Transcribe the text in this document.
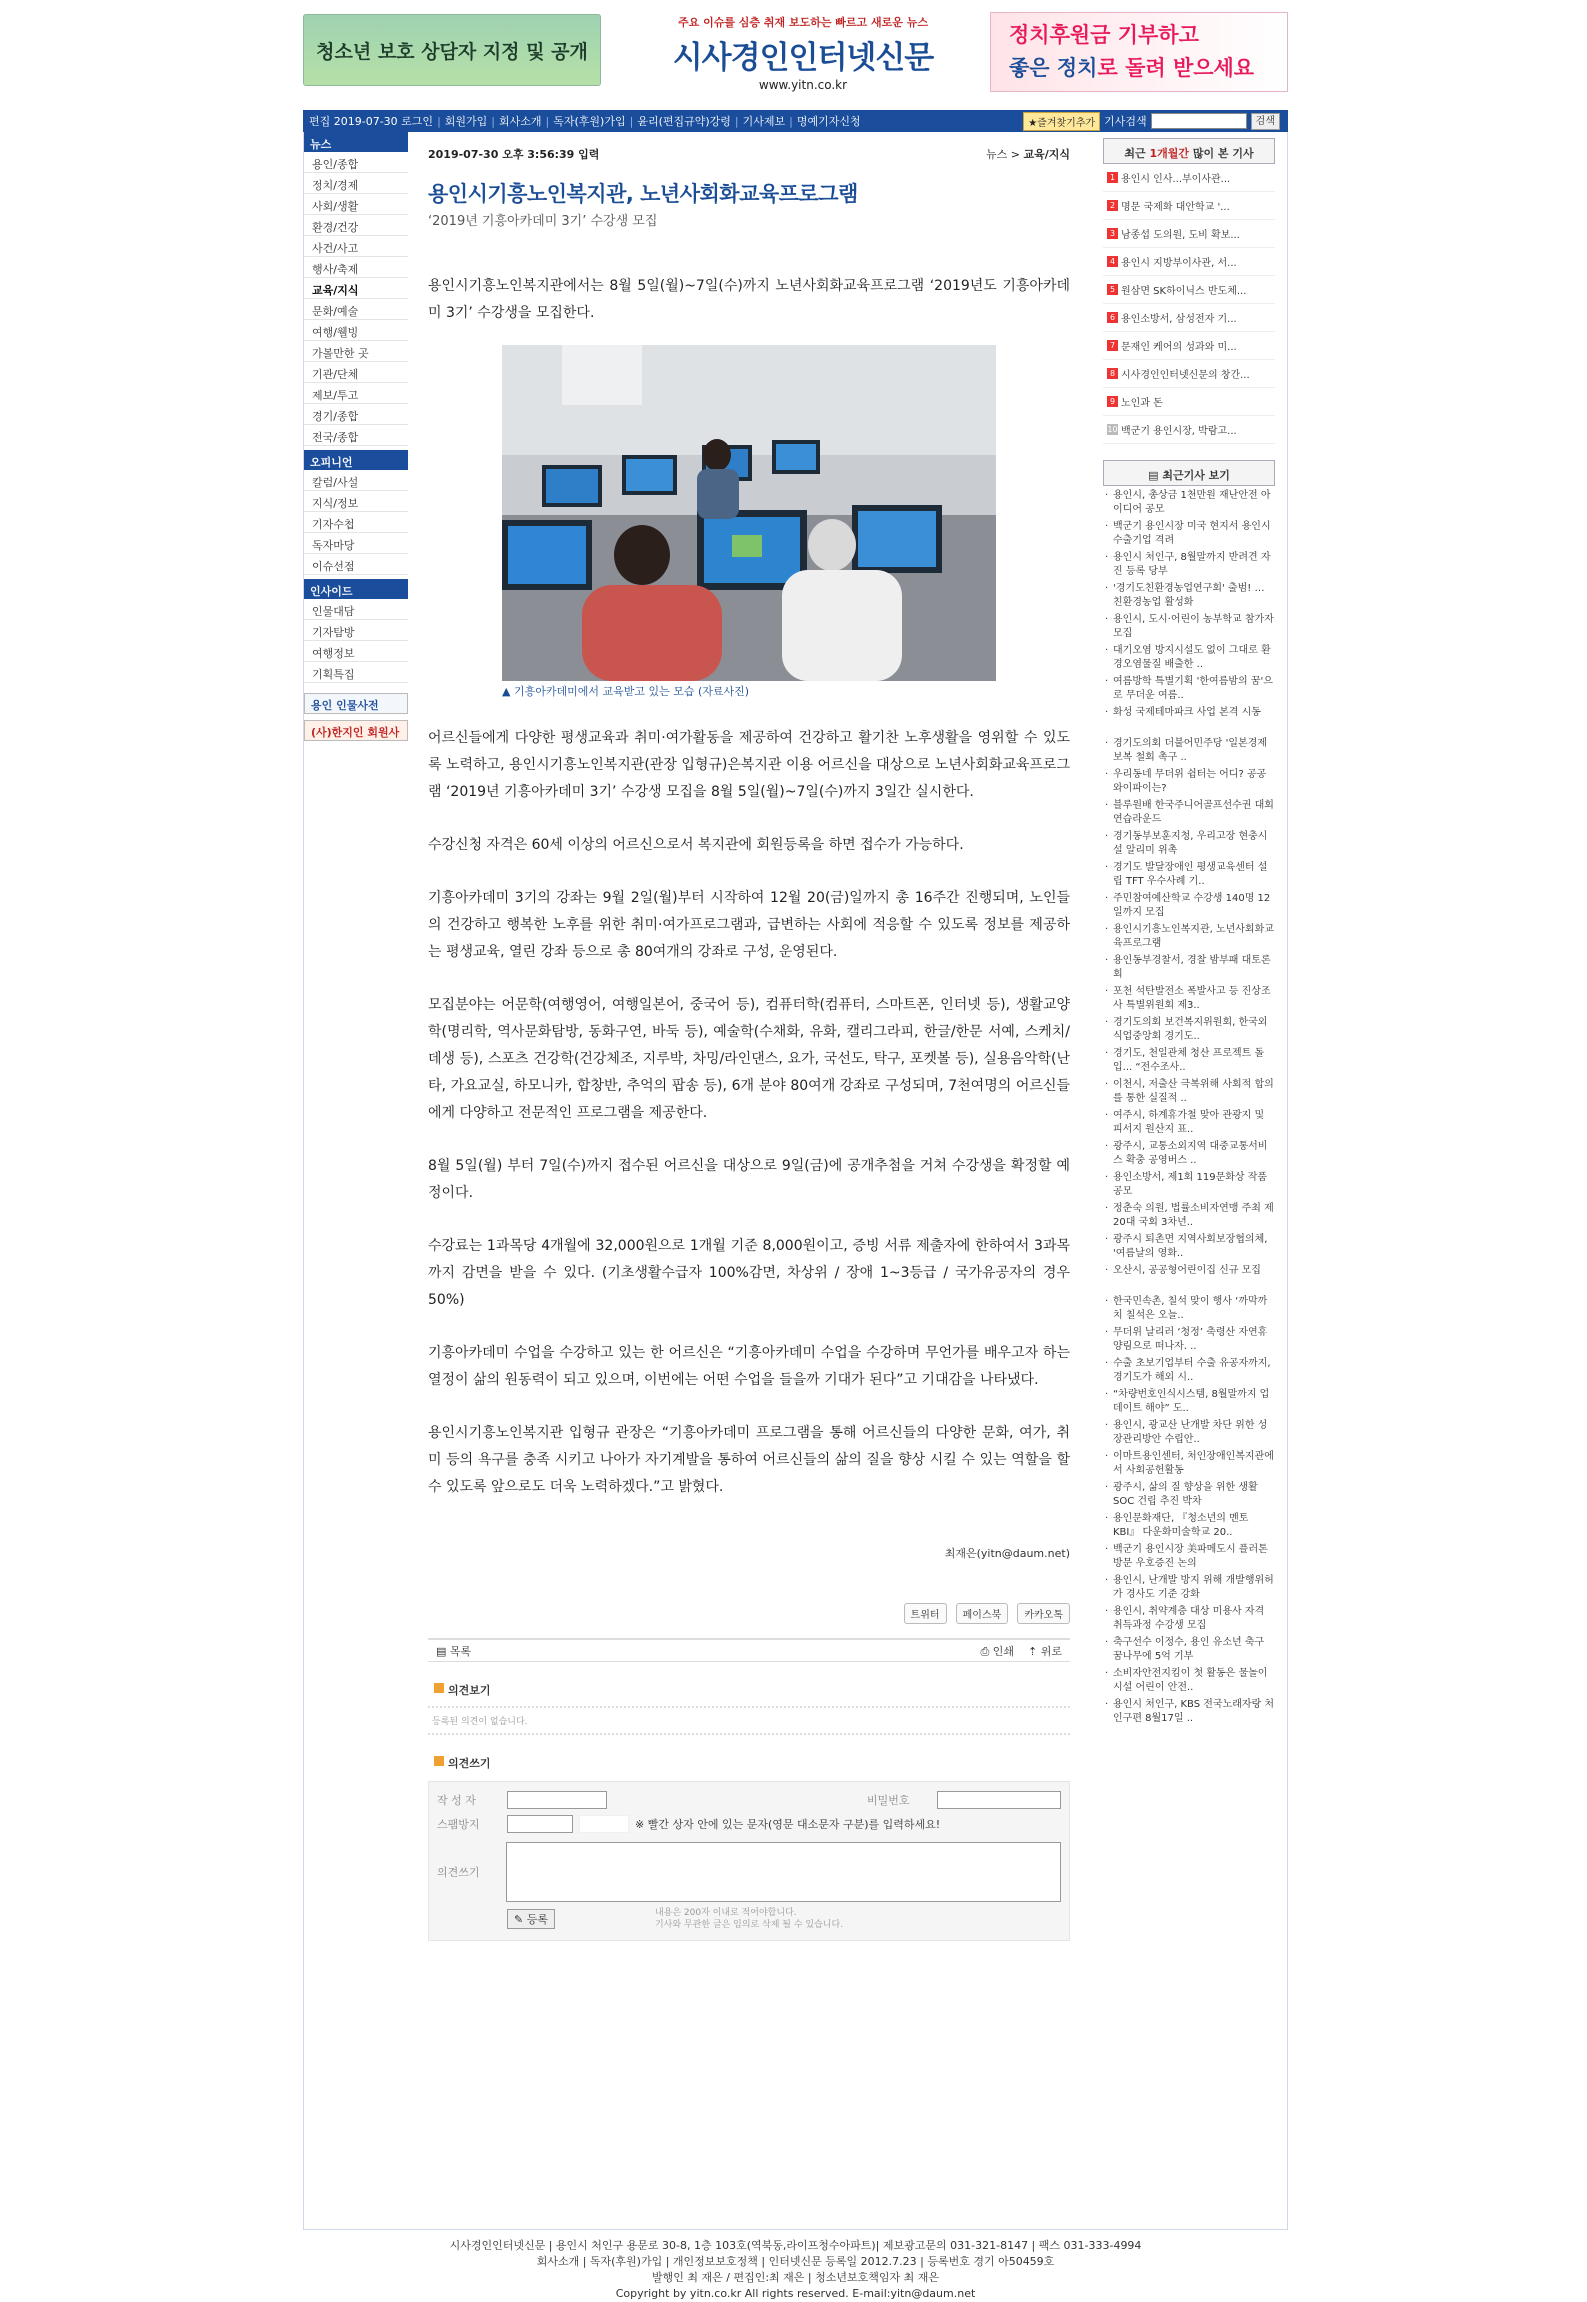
청소년 보호 상담자 지정 및 공개
주요 이슈를 심층 취재 보도하는 빠르고 새로운 뉴스
시사경인인터넷신문
www.yitn.co.kr
정치후원금 기부하고
좋은 정치로 돌려 받으세요
편집 2019-07-30 로그인 | 회원가입 | 회사소개 | 독자(후원)가입 | 윤리(편집규약)강령 | 기사제보 | 명예기자신청	★즐겨찾기추가 기사검색	검색
뉴스
용인/종합
정치/경제
사회/생활
환경/건강
사건/사고
행사/축제
교육/지식
문화/예술
여행/웰빙
가볼만한 곳
기관/단체
제보/투고
경기/종합
전국/종합
오피니언
칼럼/사설
지식/정보
기자수첩
독자마당
이슈선점
인사이드
인물대담
기자탐방
여행정보
기획특집
용인 인물사전
(사)한지인 회원사
2019-07-30 오후 3:56:39 입력	뉴스 > 교육/지식
용인시기흥노인복지관, 노년사회화교육프로그램
‘2019년 기흥아카데미 3기’ 수강생 모집
용인시기흥노인복지관에서는 8월 5일(월)~7일(수)까지 노년사회화교육프로그램 ‘2019년도 기흥아카데미 3기’ 수강생을 모집한다.
▲ 기흥아카데미에서 교육받고 있는 모습 (자료사진)
어르신들에게 다양한 평생교육과 취미·여가활동을 제공하여 건강하고 활기찬 노후생활을 영위할 수 있도록 노력하고, 용인시기흥노인복지관(관장 입형규)은복지관 이용 어르신을 대상으로 노년사회화교육프로그램 ‘2019년 기흥아카데미 3기’ 수강생 모집을 8월 5일(월)~7일(수)까지 3일간 실시한다.
수강신청 자격은 60세 이상의 어르신으로서 복지관에 회원등록을 하면 접수가 가능하다.
기흥아카데미 3기의 강좌는 9월 2일(월)부터 시작하여 12월 20(금)일까지 총 16주간 진행되며, 노인들의 건강하고 행복한 노후를 위한 취미·여가프로그램과, 급변하는 사회에 적응할 수 있도록 정보를 제공하는 평생교육, 열린 강좌 등으로 총 80여개의 강좌로 구성, 운영된다.
모집분야는 어문학(여행영어, 여행일본어, 중국어 등), 컴퓨터학(컴퓨터, 스마트폰, 인터넷 등), 생활교양학(명리학, 역사문화탐방, 동화구연, 바둑 등), 예술학(수채화, 유화, 캘리그라피, 한글/한문 서예, 스케치/데생 등), 스포츠 건강학(건강체조, 지루박, 차밍/라인댄스, 요가, 국선도, 탁구, 포켓볼 등), 실용음악학(난타, 가요교실, 하모니카, 합창반, 추억의 팝송 등), 6개 분야 80여개 강좌로 구성되며, 7천여명의 어르신들에게 다양하고 전문적인 프로그램을 제공한다.
8월 5일(월) 부터 7일(수)까지 접수된 어르신을 대상으로 9일(금)에 공개추첨을 거쳐 수강생을 확정할 예정이다.
수강료는 1과목당 4개월에 32,000원으로 1개월 기준 8,000원이고, 증빙 서류 제출자에 한하여서 3과목까지 감면을 받을 수 있다. (기초생활수급자 100%감면, 차상위 / 장애 1~3등급 / 국가유공자의 경우 50%)
기흥아카데미 수업을 수강하고 있는 한 어르신은 “기흥아카데미 수업을 수강하며 무언가를 배우고자 하는 열정이 삶의 원동력이 되고 있으며, 이번에는 어떤 수업을 들을까 기대가 된다”고 기대감을 나타냈다.
용인시기흥노인복지관 입형규 관장은 “기흥아카데미 프로그램을 통해 어르신들의 다양한 문화, 여가, 취미 등의 욕구를 충족 시키고 나아가 자기계발을 통하여 어르신들의 삶의 질을 향상 시킬 수 있는 역할을 할 수 있도록 앞으로도 더욱 노력하겠다.”고 밝혔다.
최재은(yitn@daum.net)
트위터 페이스북 카카오톡
▤ 목록	⎙ 인쇄 ⇡ 위로
의견보기
등록된 의견이 없습니다.
의견쓰기
작 성 자	비밀번호
스팸방지	※ 빨간 상자 안에 있는 문자(영문 대소문자 구분)를 입력하세요!
의견쓰기
✎ 등록	내용은 200자 이내로 적어야합니다.
기사와 무관한 글은 임의로 삭제 될 수 있습니다.
최근 1개월간 많이 본 기사
1 용인시 인사...부이사관...
2 명문 국제화 대안학교 '...
3 남종섭 도의원, 도비 확보...
4 용인시 지방부이사관, 서...
5 원삼면 SK하이닉스 반도체...
6 용인소방서, 삼성전자 기...
7 문재인 케어의 성과와 미...
8 시사경인인터넷신문의 창간...
9 노인과 돈
10 백군기 용인시장, 박람고...
▤ 최근기사 보기
· 용인시, 총상금 1천만원 재난안전 아이디어 공모
· 백군기 용인시장 미국 현지서 용인시 수출기업 격려
· 용인시 처인구, 8월말까지 반려견 자진 등록 당부
· '경기도친환경농업연구회' 출범! … 친환경농업 활성화
· 용인시, 도시·어린이 농부학교 참가자 모집
· 대기오염 방지시설도 없이 그대로 환경오염물질 배출한 ..
· 여름방학 특별기획 '한여름밤의 꿈'으로 무더운 여름..
· 화성 국제테마파크 사업 본격 시동
· 경기도의회 더불어민주당 '일본경제보복 철회 촉구 ..
· 우리동네 무더위 쉼터는 어디? 공공와이파이는?
· 블루원배 한국주니어골프선수권 대회 연습라운드
· 경기동부보훈지청, 우리고장 현충시설 알리미 위촉
· 경기도 발달장애인 평생교육센터 설립 TFT 우수사례 기..
· 주민참여예산학교 수강생 140명 12일까지 모집
· 용인시기흥노인복지관, 노년사회화교육프로그램
· 용인동부경찰서, 경찰 밤부패 대토론회
· 포천 석탄발전소 폭발사고 등 진상조사 특별위원회 제3..
· 경기도의회 보건복지위원회, 한국외식업중앙회 경기도..
· 경기도, 천일관체 청산 프로젝트 돌입... “전수조사..
· 이천시, 저출산 극복위해 사회적 합의를 통한 실질적 ..
· 여주시, 하계휴가철 맞아 관광지 및 피서지 원산지 표..
· 광주시, 교통소외지역 대중교통서비스 확충 공영버스 ..
· 용인소방서, 제1회 119문화상 작품 공모
· 정춘숙 의원, 법률소비자연맹 주최 제20대 국회 3차년..
· 광주시 퇴촌면 지역사회보장협의체, '여름날의 영화..
· 오산시, 공공형어린이집 신규 모집
· 한국민속촌, 칠석 맞이 행사 ‘까막까치 칠석은 오늘..
· 무더위 날리러 ‘청정’ 축령산 자연휴양림으로 떠나자. ..
· 수출 초보기업부터 수출 유공자까지, 경기도가 해외 시..
· “차량번호인식시스템, 8월말까지 업데이트 해야” 도..
· 용인시, 광교산 난개발 차단 위한 성장관리방안 수립안..
· 이마트용인센터, 처인장애인복지관에서 사회공헌활동
· 광주시, 삶의 질 향상을 위한 생활SOC 건립 추진 박차
· 용인문화재단, 『청소년의 멘토 KBI』 다운화미술학교 20..
· 백군기 용인시장 美파메도시 플러톤 방문 우호증진 논의
· 용인시, 난개발 방지 위해 개발행위허가 경사도 기준 강화
· 용인시, 취약계층 대상 미용사 자격 취득과정 수강생 모집
· 축구선수 이정수, 용인 유소년 축구 꿈나무에 5억 기부
· 소비자안전지킴이 첫 활동은 물놀이 시설 어린이 안전..
· 용인시 처인구, KBS 전국노래자랑 처인구편 8월17일 ..
시사경인인터넷신문 | 용인시 처인구 용문로 30-8, 1층 103호(역북동,라이프청수아파트)| 제보광고문의 031-321-8147 | 팩스 031-333-4994
회사소개 | 독자(후원)가입 | 개인정보보호정책 | 인터넷신문 등록일 2012.7.23 | 등록번호 경기 아50459호
발행인 최 재은 / 편집인:최 재은 | 청소년보호책임자 최 재은
Copyright by yitn.co.kr All rights reserved. E-mail:yitn@daum.net
